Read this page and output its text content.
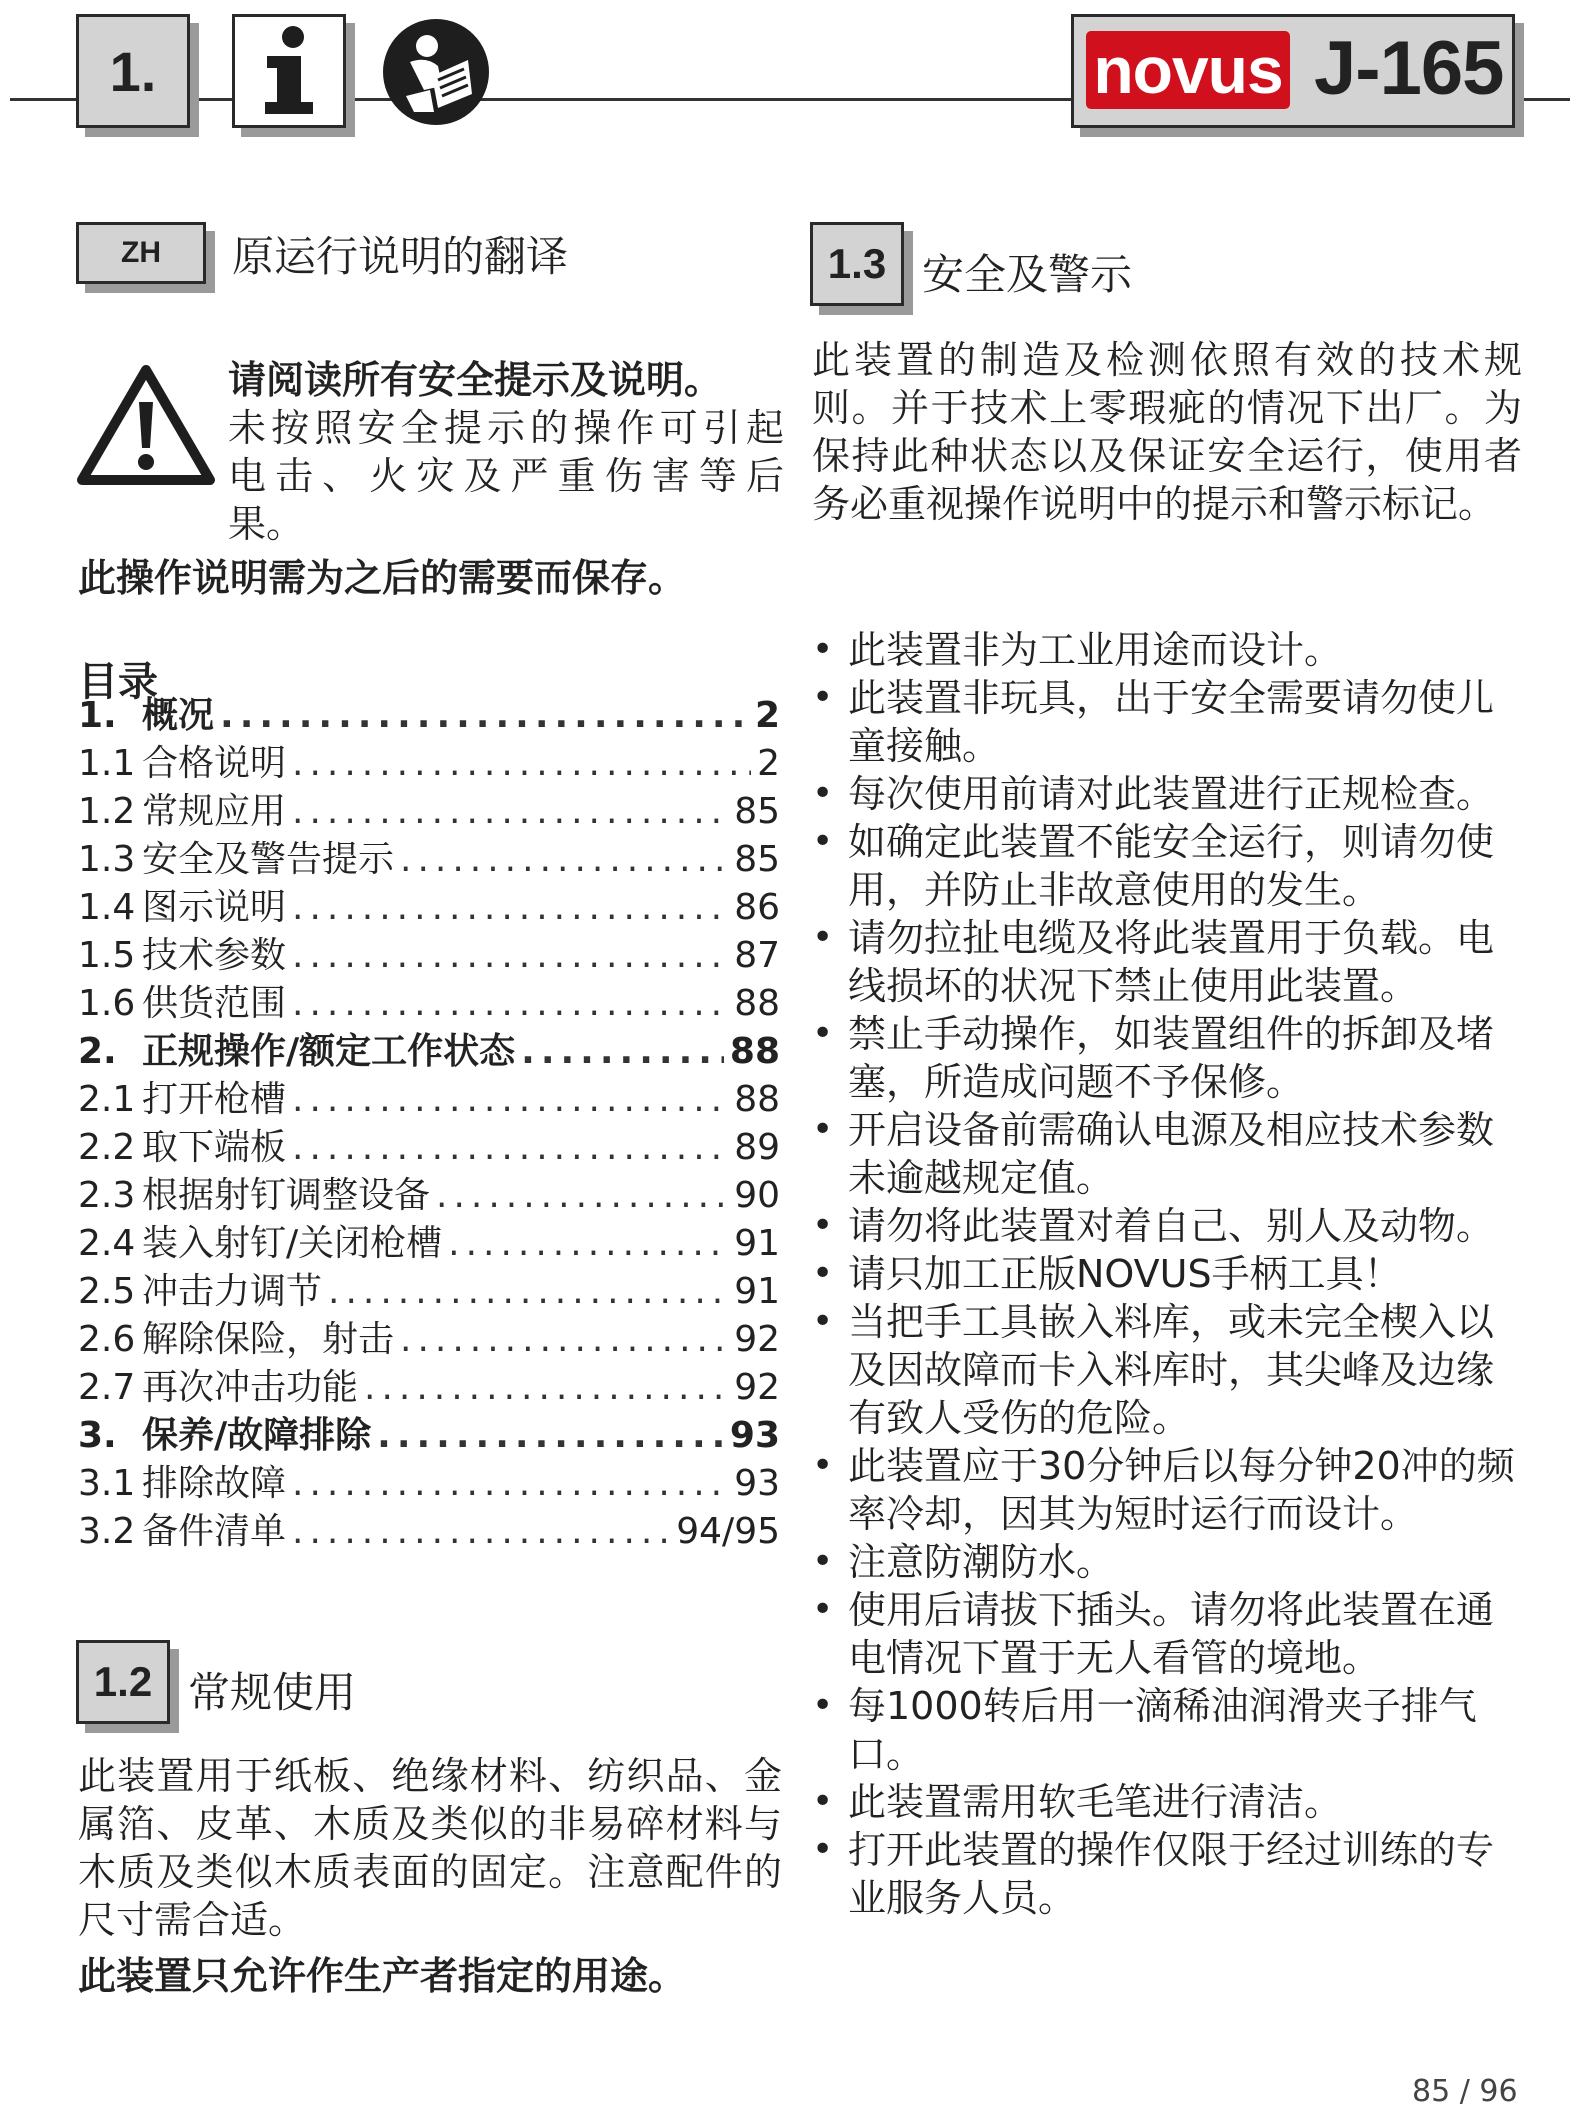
1.	novus J-165
ZH 原运行说明的翻译
请阅读所有安全提示及说明。
未按照安全提示的操作可引起
电击、火灾及严重伤害等后
果。
此操作说明需为之后的需要而保存。
目录
1. 概况 .....	2
1.1 合格说明 .....	2
1.2 常规应用 .....	85
1.3 安全及警告提示 .....	85
1.4 图示说明 .....	86
1.5 技术参数 .....	87
1.6 供货范围 .....	88
2. 正规操作/额定工作状态 .....	88
2.1 打开枪槽 .....	88
2.2 取下端板 .....	89
2.3 根据射钉调整设备 .....	90
2.4 装入射钉/关闭枪槽 .....	91
2.5 冲击力调节 .....	91
2.6 解除保险，射击 .....	92
2.7 再次冲击功能 .....	92
3. 保养/故障排除 .....	93
3.1 排除故障 .....	93
3.2 备件清单 .....	94/95
1.2 常规使用
此装置用于纸板、绝缘材料、纺织品、金属箔、皮革、木质及类似的非易碎材料与木质及类似木质表面的固定。注意配件的尺寸需合适。
此装置只允许作生产者指定的用途。
1.3 安全及警示
此装置的制造及检测依照有效的技术规则。并于技术上零瑕疵的情况下出厂。为保持此种状态以及保证安全运行，使用者务必重视操作说明中的提示和警示标记。
• 此装置非为工业用途而设计。
• 此装置非玩具，出于安全需要请勿使儿童接触。
• 每次使用前请对此装置进行正规检查。
• 如确定此装置不能安全运行，则请勿使用，并防止非故意使用的发生。
• 请勿拉扯电缆及将此装置用于负载。电线损坏的状况下禁止使用此装置。
• 禁止手动操作，如装置组件的拆卸及堵塞，所造成问题不予保修。
• 开启设备前需确认电源及相应技术参数未逾越规定值。
• 请勿将此装置对着自己、别人及动物。
• 请只加工正版NOVUS手柄工具！
• 当把手工具嵌入料库，或未完全楔入以及因故障而卡入料库时，其尖峰及边缘有致人受伤的危险。
• 此装置应于30分钟后以每分钟20冲的频率冷却，因其为短时运行而设计。
• 注意防潮防水。
• 使用后请拔下插头。请勿将此装置在通电情况下置于无人看管的境地。
• 每1000转后用一滴稀油润滑夹子排气口。
• 此装置需用软毛笔进行清洁。
• 打开此装置的操作仅限于经过训练的专业服务人员。
85 / 96
